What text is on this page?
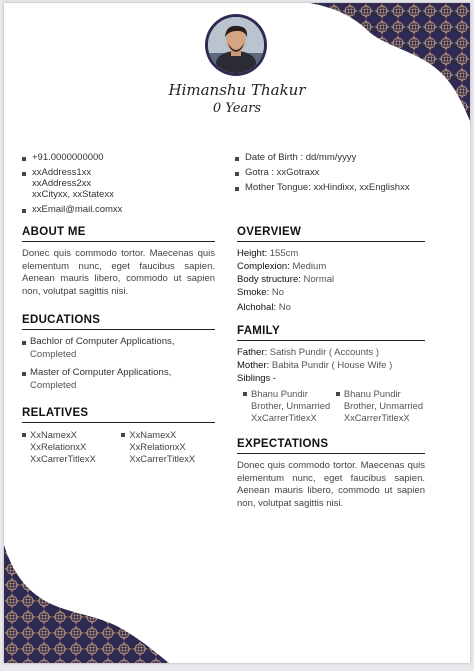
Himanshu Thakur
0 Years
+91.0000000000
xxAddress1xx
xxAddress2xx
xxCityxx, xxStatexx
xxEmail@mail.comxx
Date of Birth : dd/mm/yyyy
Gotra : xxGotraxx
Mother Tongue: xxHindixx, xxEnglishxx
ABOUT ME
Donec quis commodo tortor. Maecenas quis elementum nunc, eget faucibus sapien. Aenean mauris libero, commodo ut sapien non, volutpat sagittis nisi.
OVERVIEW
Height: 155cm
Complexion: Medium
Body structure: Normal
Smoke: No
Alchohal: No
EDUCATIONS
Bachlor of Computer Applications,
Completed
Master of Computer Applications,
Completed
FAMILY
Father: Satish Pundir ( Accounts )
Mother: Babita Pundir ( House Wife )
Siblings -
Bhanu Pundir
Brother, Unmarried
XxCarrerTitlexX
Bhanu Pundir
Brother, Unmarried
XxCarrerTitlexX
RELATIVES
XxNamexX
XxRelationxX
XxCarrerTitlexX
XxNamexX
XxRelationxX
XxCarrerTitlexX
EXPECTATIONS
Donec quis commodo tortor. Maecenas quis elementum nunc, eget faucibus sapien. Aenean mauris libero, commodo ut sapien non, volutpat sagittis nisi.
